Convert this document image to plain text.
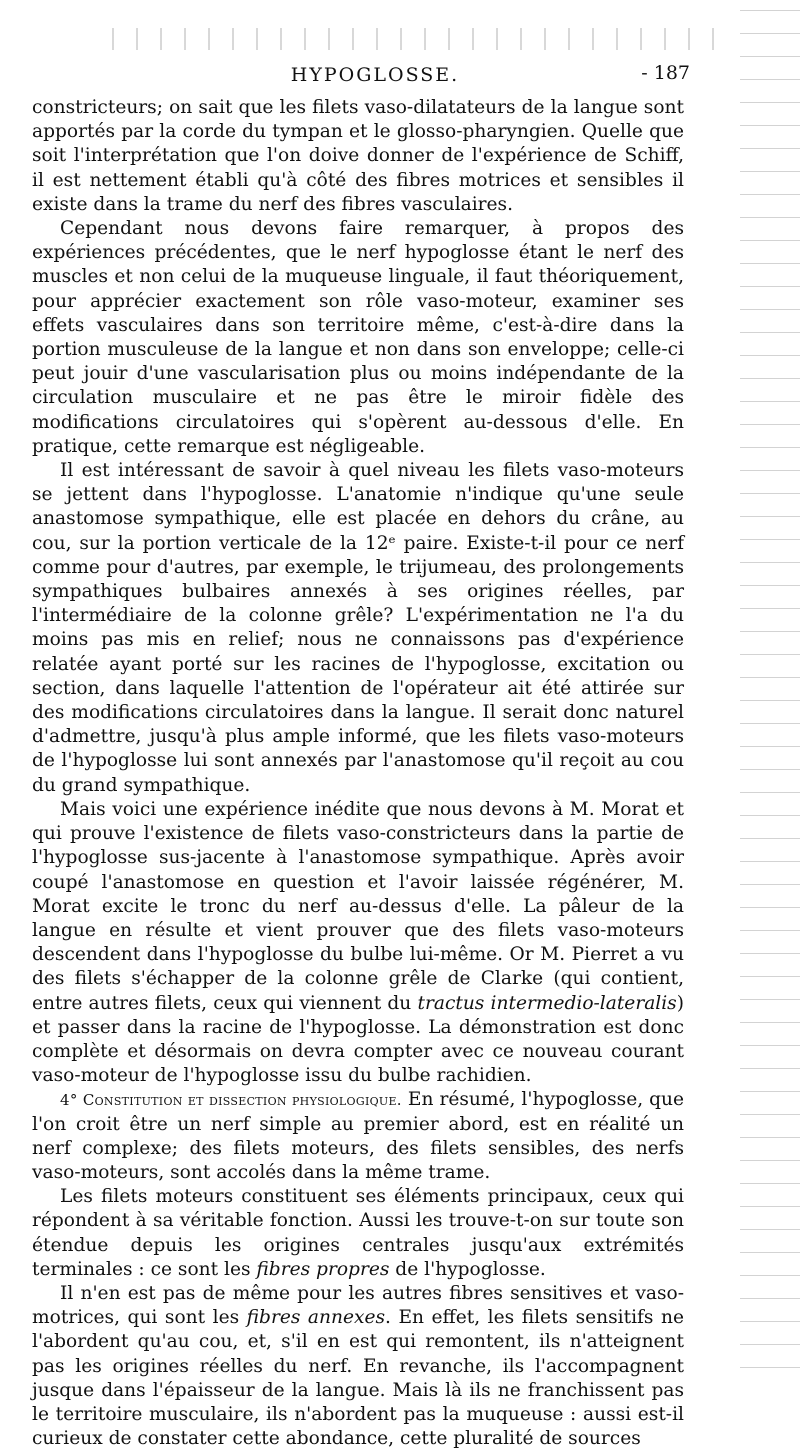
HYPOGLOSSE.	- 187

constricteurs; on sait que les filets vaso-dilatateurs de la langue sont apportés par la corde du tympan et le glosso-pharyngien. Quelle que soit l'interprétation que l'on doive donner de l'expérience de Schiff, il est nettement établi qu'à côté des fibres motrices et sensibles il existe dans la trame du nerf des fibres vasculaires.

Cependant nous devons faire remarquer, à propos des expériences précédentes, que le nerf hypoglosse étant le nerf des muscles et non celui de la muqueuse linguale, il faut théoriquement, pour apprécier exactement son rôle vaso-moteur, examiner ses effets vasculaires dans son territoire même, c'est-à-dire dans la portion musculeuse de la langue et non dans son enveloppe; celle-ci peut jouir d'une vascularisation plus ou moins indépendante de la circulation musculaire et ne pas être le miroir fidèle des modifications circulatoires qui s'opèrent au-dessous d'elle. En pratique, cette remarque est négligeable.

Il est intéressant de savoir à quel niveau les filets vaso-moteurs se jettent dans l'hypoglosse. L'anatomie n'indique qu'une seule anastomose sympathique, elle est placée en dehors du crâne, au cou, sur la portion verticale de la 12ᵉ paire. Existe-t-il pour ce nerf comme pour d'autres, par exemple, le trijumeau, des prolongements sympathiques bulbaires annexés à ses origines réelles, par l'intermédiaire de la colonne grêle? L'expérimentation ne l'a du moins pas mis en relief; nous ne connaissons pas d'expérience relatée ayant porté sur les racines de l'hypoglosse, excitation ou section, dans laquelle l'attention de l'opérateur ait été attirée sur des modifications circulatoires dans la langue. Il serait donc naturel d'admettre, jusqu'à plus ample informé, que les filets vaso-moteurs de l'hypoglosse lui sont annexés par l'anastomose qu'il reçoit au cou du grand sympathique.

Mais voici une expérience inédite que nous devons à M. Morat et qui prouve l'existence de filets vaso-constricteurs dans la partie de l'hypoglosse sus-jacente à l'anastomose sympathique. Après avoir coupé l'anastomose en question et l'avoir laissée régénérer, M. Morat excite le tronc du nerf au-dessus d'elle. La pâleur de la langue en résulte et vient prouver que des filets vaso-moteurs descendent dans l'hypoglosse du bulbe lui-même. Or M. Pierret a vu des filets s'échapper de la colonne grêle de Clarke (qui contient, entre autres filets, ceux qui viennent du tractus intermedio-lateralis) et passer dans la racine de l'hypoglosse. La démonstration est donc complète et désormais on devra compter avec ce nouveau courant vaso-moteur de l'hypoglosse issu du bulbe rachidien.

4° Constitution et dissection physiologique. En résumé, l'hypoglosse, que l'on croit être un nerf simple au premier abord, est en réalité un nerf complexe; des filets moteurs, des filets sensibles, des nerfs vaso-moteurs, sont accolés dans la même trame.

Les filets moteurs constituent ses éléments principaux, ceux qui répondent à sa véritable fonction. Aussi les trouve-t-on sur toute son étendue depuis les origines centrales jusqu'aux extrémités terminales : ce sont les fibres propres de l'hypoglosse.

Il n'en est pas de même pour les autres fibres sensitives et vaso-motrices, qui sont les fibres annexes. En effet, les filets sensitifs ne l'abordent qu'au cou, et, s'il en est qui remontent, ils n'atteignent pas les origines réelles du nerf. En revanche, ils l'accompagnent jusque dans l'épaisseur de la langue. Mais là ils ne franchissent pas le territoire musculaire, ils n'abordent pas la muqueuse : aussi est-il curieux de constater cette abondance, cette pluralité de sources
